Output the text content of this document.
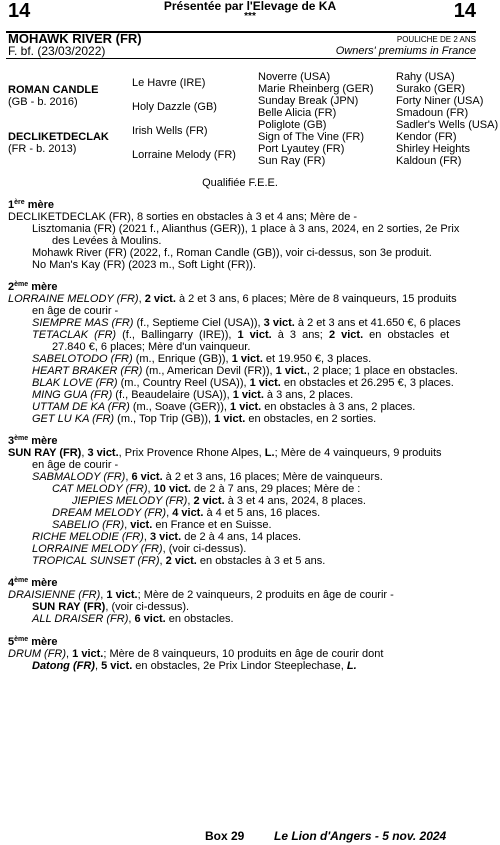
14	Présentée par l'Elevage de KA
***	14
MOHAWK RIVER (FR)
F. bf. (23/03/2022)
POULICHE DE 2 ANS
Owners' premiums in France
ROMAN CANDLE
(GB - b. 2016)
DECLIKETDECLAK
(FR - b. 2013)
Le Havre (IRE)
Holy Dazzle (GB)
Irish Wells (FR)
Lorraine Melody (FR)
Noverre (USA)
Marie Rheinberg (GER)
Sunday Break (JPN)
Belle Alicia (FR)
Poliglote (GB)
Sign of The Vine (FR)
Port Lyautey (FR)
Sun Ray (FR)
Rahy (USA)
Surako (GER)
Forty Niner (USA)
Smadoun (FR)
Sadler's Wells (USA)
Kendor (FR)
Shirley Heights
Kaldoun (FR)
Qualifiée F.E.E.
1ère mère
DECLIKETDECLAK (FR), 8 sorties en obstacles à 3 et 4 ans; Mère de -
Lisztomania (FR) (2021 f., Alianthus (GER)), 1 place à 3 ans, 2024, en 2 sorties, 2e Prix
des Levées à Moulins.
Mohawk River (FR) (2022, f., Roman Candle (GB)), voir ci-dessus, son 3e produit.
No Man's Kay (FR) (2023 m., Soft Light (FR)).
2ème mère
LORRAINE MELODY (FR), 2 vict. à 2 et 3 ans, 6 places; Mère de 8 vainqueurs, 15 produits
en âge de courir -
SIEMPRE MAS (FR) (f., Septieme Ciel (USA)), 3 vict. à 2 et 3 ans et 41.650 €, 6 places
TETACLAK (FR) (f., Ballingarry (IRE)), 1 vict. à 3 ans; 2 vict. en obstacles et
27.840 €, 6 places; Mère d'un vainqueur.
SABELOTODO (FR) (m., Enrique (GB)), 1 vict. et 19.950 €, 3 places.
HEART BRAKER (FR) (m., American Devil (FR)), 1 vict., 2 place; 1 place en obstacles.
BLAK LOVE (FR) (m., Country Reel (USA)), 1 vict. en obstacles et 26.295 €, 3 places.
MING GUA (FR) (f., Beaudelaire (USA)), 1 vict. à 3 ans, 2 places.
UTTAM DE KA (FR) (m., Soave (GER)), 1 vict. en obstacles à 3 ans, 2 places.
GET LU KA (FR) (m., Top Trip (GB)), 1 vict. en obstacles, en 2 sorties.
3ème mère
SUN RAY (FR), 3 vict., Prix Provence Rhone Alpes, L.; Mère de 4 vainqueurs, 9 produits
en âge de courir -
SABMALODY (FR), 6 vict. à 2 et 3 ans, 16 places; Mère de vainqueurs.
CAT MELODY (FR), 10 vict. de 2 à 7 ans, 29 places; Mère de :
JIEPIES MELODY (FR), 2 vict. à 3 et 4 ans, 2024, 8 places.
DREAM MELODY (FR), 4 vict. à 4 et 5 ans, 16 places.
SABELIO (FR), vict. en France et en Suisse.
RICHE MELODIE (FR), 3 vict. de 2 à 4 ans, 14 places.
LORRAINE MELODY (FR), (voir ci-dessus).
TROPICAL SUNSET (FR), 2 vict. en obstacles à 3 et 5 ans.
4ème mère
DRAISIENNE (FR), 1 vict.; Mère de 2 vainqueurs, 2 produits en âge de courir -
SUN RAY (FR), (voir ci-dessus).
ALL DRAISER (FR), 6 vict. en obstacles.
5ème mère
DRUM (FR), 1 vict.; Mère de 8 vainqueurs, 10 produits en âge de courir dont
Datong (FR), 5 vict. en obstacles, 2e Prix Lindor Steeplechase, L.
Box 29 Le Lion d'Angers - 5 nov. 2024
